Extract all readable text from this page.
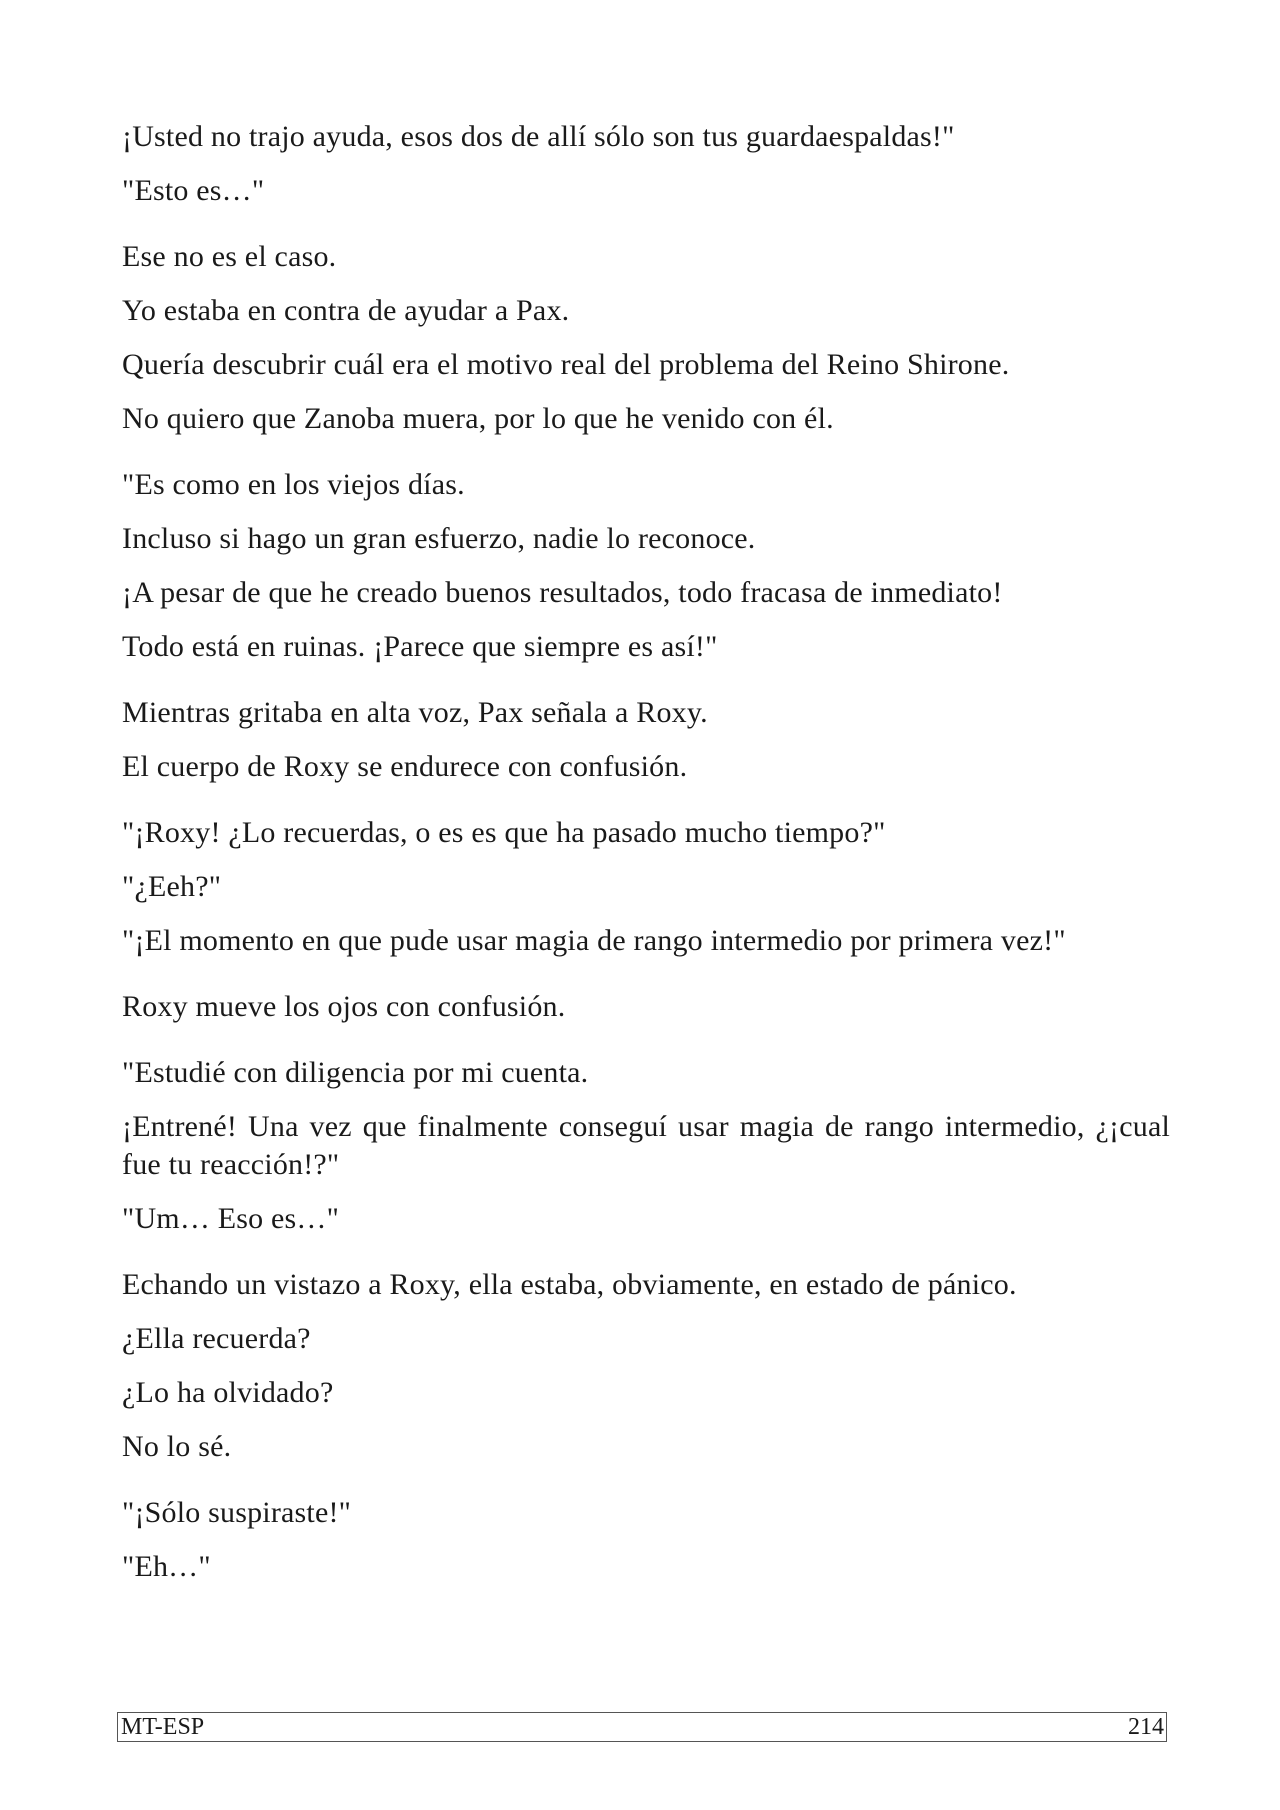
¡Usted no trajo ayuda, esos dos de allí sólo son tus guardaespaldas!"

"Esto es…"

Ese no es el caso.

Yo estaba en contra de ayudar a Pax.

Quería descubrir cuál era el motivo real del problema del Reino Shirone.

No quiero que Zanoba muera, por lo que he venido con él.

"Es como en los viejos días.

Incluso si hago un gran esfuerzo, nadie lo reconoce.

¡A pesar de que he creado buenos resultados, todo fracasa de inmediato!

Todo está en ruinas. ¡Parece que siempre es así!"

Mientras gritaba en alta voz, Pax señala a Roxy.

El cuerpo de Roxy se endurece con confusión.

"¡Roxy! ¿Lo recuerdas, o es es que ha pasado mucho tiempo?"

"¿Eeh?"

"¡El momento en que pude usar magia de rango intermedio por primera vez!"

Roxy mueve los ojos con confusión.

"Estudié con diligencia por mi cuenta.

¡Entrené! Una vez que finalmente conseguí usar magia de rango intermedio, ¿¡cual fue tu reacción!?"

"Um… Eso es…"

Echando un vistazo a Roxy, ella estaba, obviamente, en estado de pánico.

¿Ella recuerda?

¿Lo ha olvidado?

No lo sé.

"¡Sólo suspiraste!"

"Eh…"

MT-ESP	214
